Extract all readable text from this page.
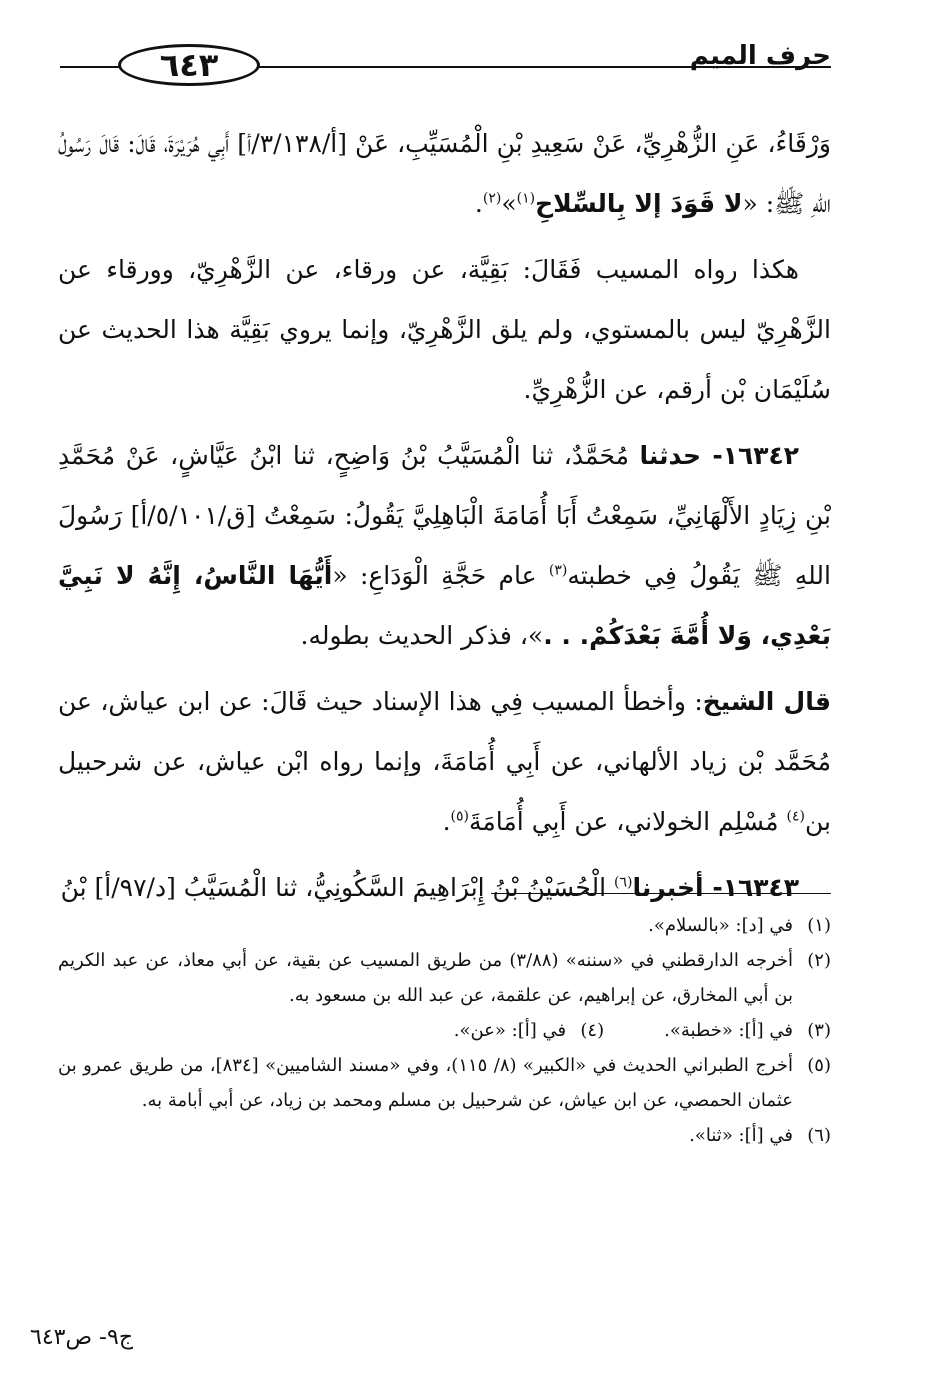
حرف الميم
٦٤٣

وَرْقَاءُ، عَنِ الزُّهْرِيِّ، عَنْ سَعِيدِ بْنِ الْمُسَيِّبِ، عَنْ [أ/٣/١٣٨/أ] أَبِي هُرَيْرَةَ، قَالَ: قَالَ رَسُولُ اللهِ ﷺ: «لا قَوَدَ إلا بِالسِّلاحِ$^{(١)}$»$^{(٢)}$.

هكذا رواه المسيب فَقَالَ: بَقِيَّة، عن ورقاء، عن الزَّهْرِيّ، وورقاء عن الزَّهْرِيّ ليس بالمستوي، ولم يلق الزَّهْرِيّ، وإنما يروي بَقِيَّة هذا الحديث عن سُلَيْمَان بْن أرقم، عن الزُّهْرِيِّ.

١٦٣٤٢- حدثنا مُحَمَّدٌ، ثنا الْمُسَيَّبُ بْنُ وَاضِحٍ، ثنا ابْنُ عَيَّاشٍ، عَنْ مُحَمَّدِ بْنِ زِيَادٍ الأَلْهَانِيِّ، سَمِعْتُ أَبَا أُمَامَةَ الْبَاهِلِيَّ يَقُولُ: سَمِعْتُ [ق/٥/١٠١/أ] رَسُولَ اللهِ ﷺ يَقُولُ فِي خطبته$^{(٣)}$ عام حَجَّةِ الْوَدَاعِ: «أَيُّهَا النَّاسُ، إِنَّهُ لا نَبِيَّ بَعْدِي، وَلا أُمَّةَ بَعْدَكُمْ. . .»، فذكر الحديث بطوله.

قال الشيخ: وأخطأ المسيب فِي هذا الإسناد حيث قَالَ: عن ابن عياش، عن مُحَمَّد بْن زياد الألهاني، عن أَبِي أُمَامَةَ، وإنما رواه ابْن عياش، عن شرحبيل بن$^{(٤)}$ مُسْلِم الخولاني، عن أَبِي أُمَامَةَ$^{(٥)}$.

١٦٣٤٣- أخبرنا$^{(٦)}$ الْحُسَيْنُ بْنُ إِبْرَاهِيمَ السَّكُونِيُّ، ثنا الْمُسَيَّبُ [د/٩٧/أ] بْنُ

(١)
في [د]: «بالسلام».

(٢)
أخرجه الدارقطني في «سننه» (٣/٨٨) من طريق المسيب عن بقية، عن أبي معاذ، عن عبد الكريم بن أبي المخارق، عن إبراهيم، عن علقمة، عن عبد الله بن مسعود به.

(٣)
في [أ]: «خطبة».

(٤)
في [أ]: «عن».

(٥)
أخرج الطبراني الحديث في «الكبير» (٨/ ١١٥)، وفي «مسند الشاميين» [٨٣٤]، من طريق عمرو بن عثمان الحمصي، عن ابن عياش، عن شرحبيل بن مسلم ومحمد بن زياد، عن أبي أبامة به.

(٦)
في [أ]: «ثنا».

ج٩- ص٦٤٣
